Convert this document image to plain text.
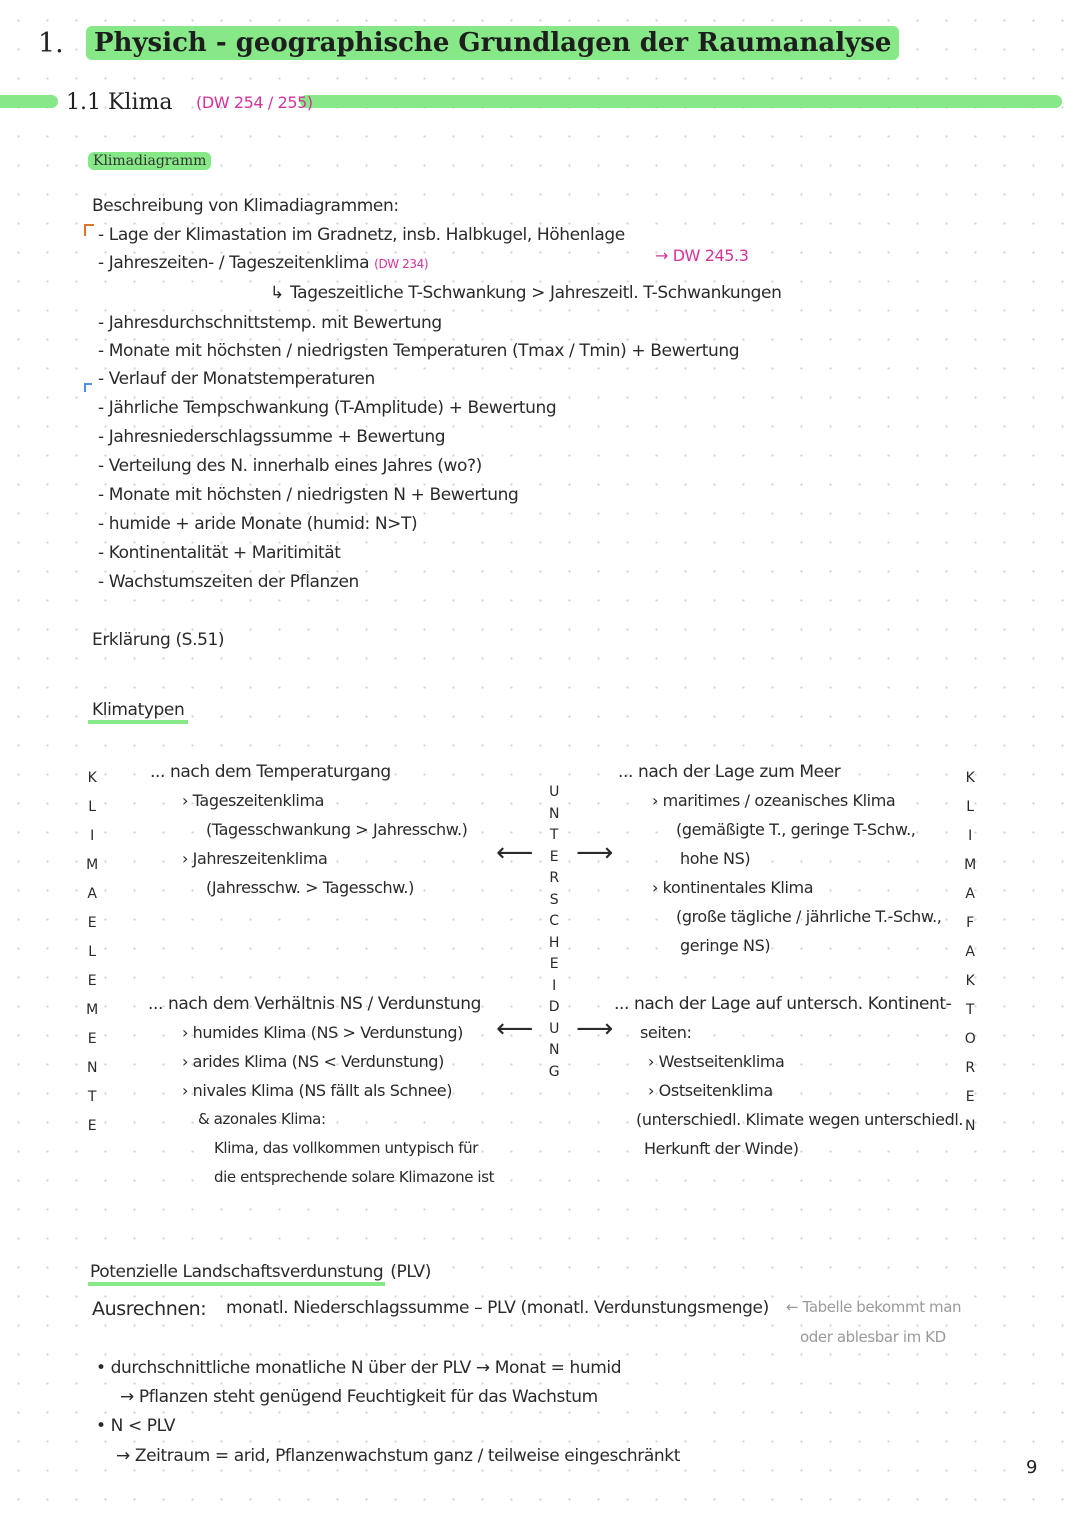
1.	Physich - geographische Grundlagen der Raumanalyse
1.1 Klima (DW 254 / 255)
Klimadiagramm
Beschreibung von Klimadiagrammen:
- Lage der Klimastation im Gradnetz, insb. Halbkugel, Höhenlage
- Jahreszeiten- / Tageszeitenklima (DW 234)	→ DW 245.3
↳ Tageszeitliche T-Schwankung > Jahreszeitl. T-Schwankungen
- Jahresdurchschnittstemp. mit Bewertung
- Monate mit höchsten / niedrigsten Temperaturen (Tmax / Tmin) + Bewertung
- Verlauf der Monatstemperaturen
- Jährliche Tempschwankung (T-Amplitude) + Bewertung
- Jahresniederschlagssumme + Bewertung
- Verteilung des N. innerhalb eines Jahres (wo?)
- Monate mit höchsten / niedrigsten N + Bewertung
- humide + aride Monate (humid: N>T)
- Kontinentalität + Maritimität
- Wachstumszeiten der Pflanzen
Erklärung (S.51)
Klimatypen
K
L
I
M
A
E
L
E
M
E
N
T
E
K
L
I
M
A
F
A
K
T
O
R
E
N
U
N
T
E
R
S
C
H
E
I
D
U
N
G
⟵ ⟶
⟵ ⟶
... nach dem Temperaturgang
› Tageszeitenklima
(Tagesschwankung > Jahresschw.)
› Jahreszeitenklima
(Jahresschw. > Tagesschw.)
... nach der Lage zum Meer
› maritimes / ozeanisches Klima
(gemäßigte T., geringe T-Schw.,
hohe NS)
› kontinentales Klima
(große tägliche / jährliche T.-Schw.,
geringe NS)
... nach dem Verhältnis NS / Verdunstung
› humides Klima (NS > Verdunstung)
› arides Klima (NS < Verdunstung)
› nivales Klima (NS fällt als Schnee)
& azonales Klima:
Klima, das vollkommen untypisch für
die entsprechende solare Klimazone ist
... nach der Lage auf untersch. Kontinent-
seiten:
› Westseitenklima
› Ostseitenklima
(unterschiedl. Klimate wegen unterschiedl.
Herkunft der Winde)
Potenzielle Landschaftsverdunstung (PLV)
Ausrechnen: monatl. Niederschlagssumme – PLV (monatl. Verdunstungsmenge) ← Tabelle bekommt man
oder ablesbar im KD
• durchschnittliche monatliche N über der PLV → Monat = humid
→ Pflanzen steht genügend Feuchtigkeit für das Wachstum
• N < PLV
→ Zeitraum = arid, Pflanzenwachstum ganz / teilweise eingeschränkt
9
